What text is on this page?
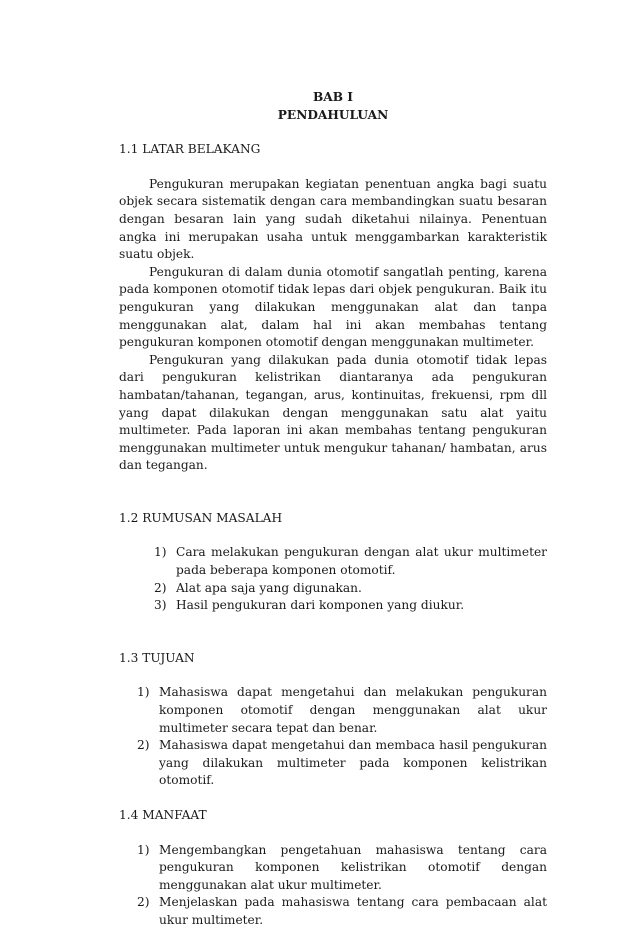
BAB I
PENDAHULUAN
1.1 LATAR BELAKANG

Pengukuran merupakan kegiatan penentuan angka bagi suatu objek secara sistematik dengan cara membandingkan suatu besaran dengan besaran lain yang sudah diketahui nilainya. Penentuan angka ini merupakan usaha untuk menggambarkan karakteristik suatu objek.

Pengukuran di dalam dunia otomotif sangatlah penting, karena pada komponen otomotif tidak lepas dari objek pengukuran. Baik itu pengukuran yang dilakukan menggunakan alat dan tanpa menggunakan alat, dalam hal ini akan membahas tentang pengukuran komponen otomotif dengan menggunakan multimeter.

Pengukuran yang dilakukan pada dunia otomotif tidak lepas dari pengukuran kelistrikan diantaranya ada pengukuran hambatan/tahanan, tegangan, arus, kontinuitas, frekuensi, rpm dll yang dapat dilakukan dengan menggunakan satu alat yaitu multimeter. Pada laporan ini akan membahas tentang pengukuran menggunakan multimeter untuk mengukur tahanan/ hambatan, arus dan tegangan.

1.2 RUMUSAN MASALAH
1) Cara melakukan pengukuran dengan alat ukur multimeter pada beberapa komponen otomotif.
2) Alat apa saja yang digunakan.
3) Hasil pengukuran dari komponen yang diukur.
1.3 TUJUAN
1) Mahasiswa dapat mengetahui dan melakukan pengukuran komponen otomotif dengan menggunakan alat ukur multimeter secara tepat dan benar.
2) Mahasiswa dapat mengetahui dan membaca hasil pengukuran yang dilakukan multimeter pada komponen kelistrikan otomotif.
1.4 MANFAAT
1) Mengembangkan pengetahuan mahasiswa tentang cara pengukuran komponen kelistrikan otomotif dengan menggunakan alat ukur multimeter.
2) Menjelaskan pada mahasiswa tentang cara pembacaan alat ukur multimeter.
